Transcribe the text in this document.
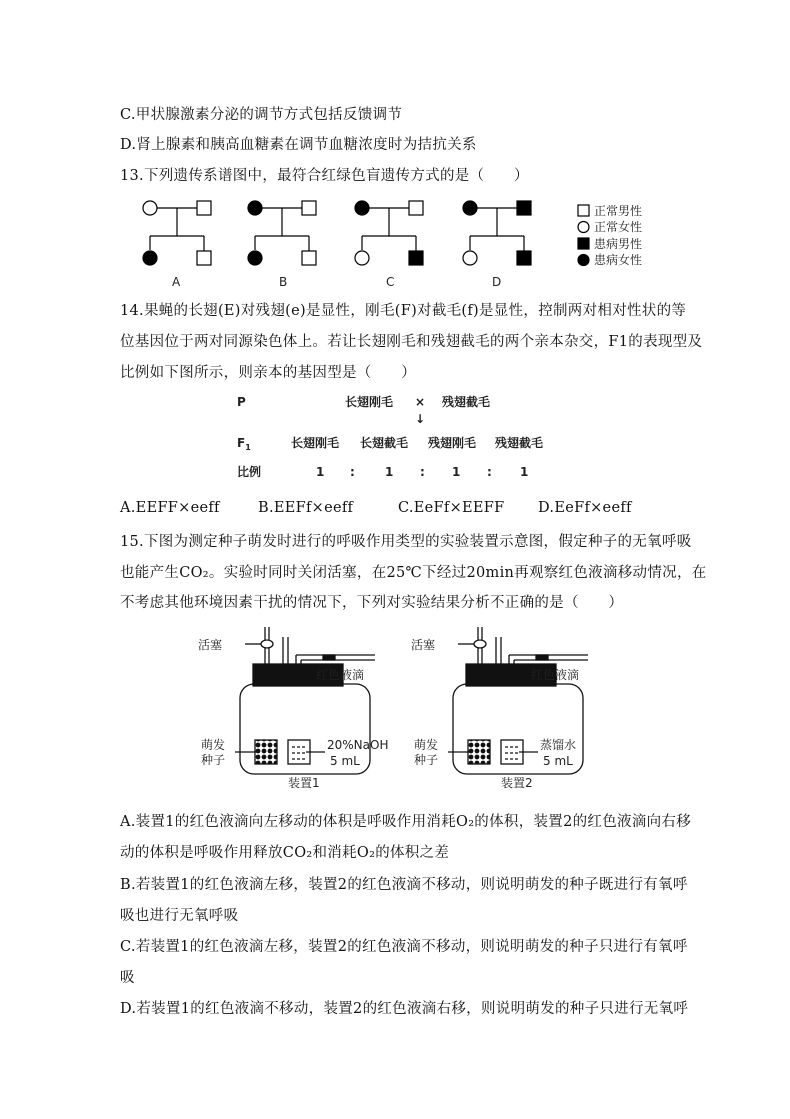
C.甲状腺激素分泌的调节方式包括反馈调节
D.肾上腺素和胰高血糖素在调节血糖浓度时为拮抗关系
13.下列遗传系谱图中，最符合红绿色盲遗传方式的是（　　）
A	B	C	D
正常男性
正常女性
患病男性
患病女性
14.果蝇的长翅(E)对残翅(e)是显性，刚毛(F)对截毛(f)是显性，控制两对相对性状的等
位基因位于两对同源染色体上。若让长翅刚毛和残翅截毛的两个亲本杂交，F1的表现型及
比例如下图所示，则亲本的基因型是（　　）
P	长翅刚毛 × 残翅截毛
↓
$F_1$	长翅刚毛 长翅截毛 残翅刚毛 残翅截毛
比例	1 :	1 : 1 : 1
A.EEFF×eeff	B.EEFf×eeff	C.EeFf×EEFF D.EeFf×eeff
15.下图为测定种子萌发时进行的呼吸作用类型的实验装置示意图，假定种子的无氧呼吸
也能产生CO₂。实验时同时关闭活塞，在25℃下经过20min再观察红色液滴移动情况，在
不考虑其他环境因素干扰的情况下，下列对实验结果分析不正确的是（　　）
活塞
红色液滴
萌发
种子
20%NaOH
5 mL
装置1
活塞
红色液滴
萌发
种子
蒸馏水
5 mL
装置2
A.装置1的红色液滴向左移动的体积是呼吸作用消耗O₂的体积，装置2的红色液滴向右移
动的体积是呼吸作用释放CO₂和消耗O₂的体积之差
B.若装置1的红色液滴左移，装置2的红色液滴不移动，则说明萌发的种子既进行有氧呼
吸也进行无氧呼吸
C.若装置1的红色液滴左移，装置2的红色液滴不移动，则说明萌发的种子只进行有氧呼
吸
D.若装置1的红色液滴不移动，装置2的红色液滴右移，则说明萌发的种子只进行无氧呼
